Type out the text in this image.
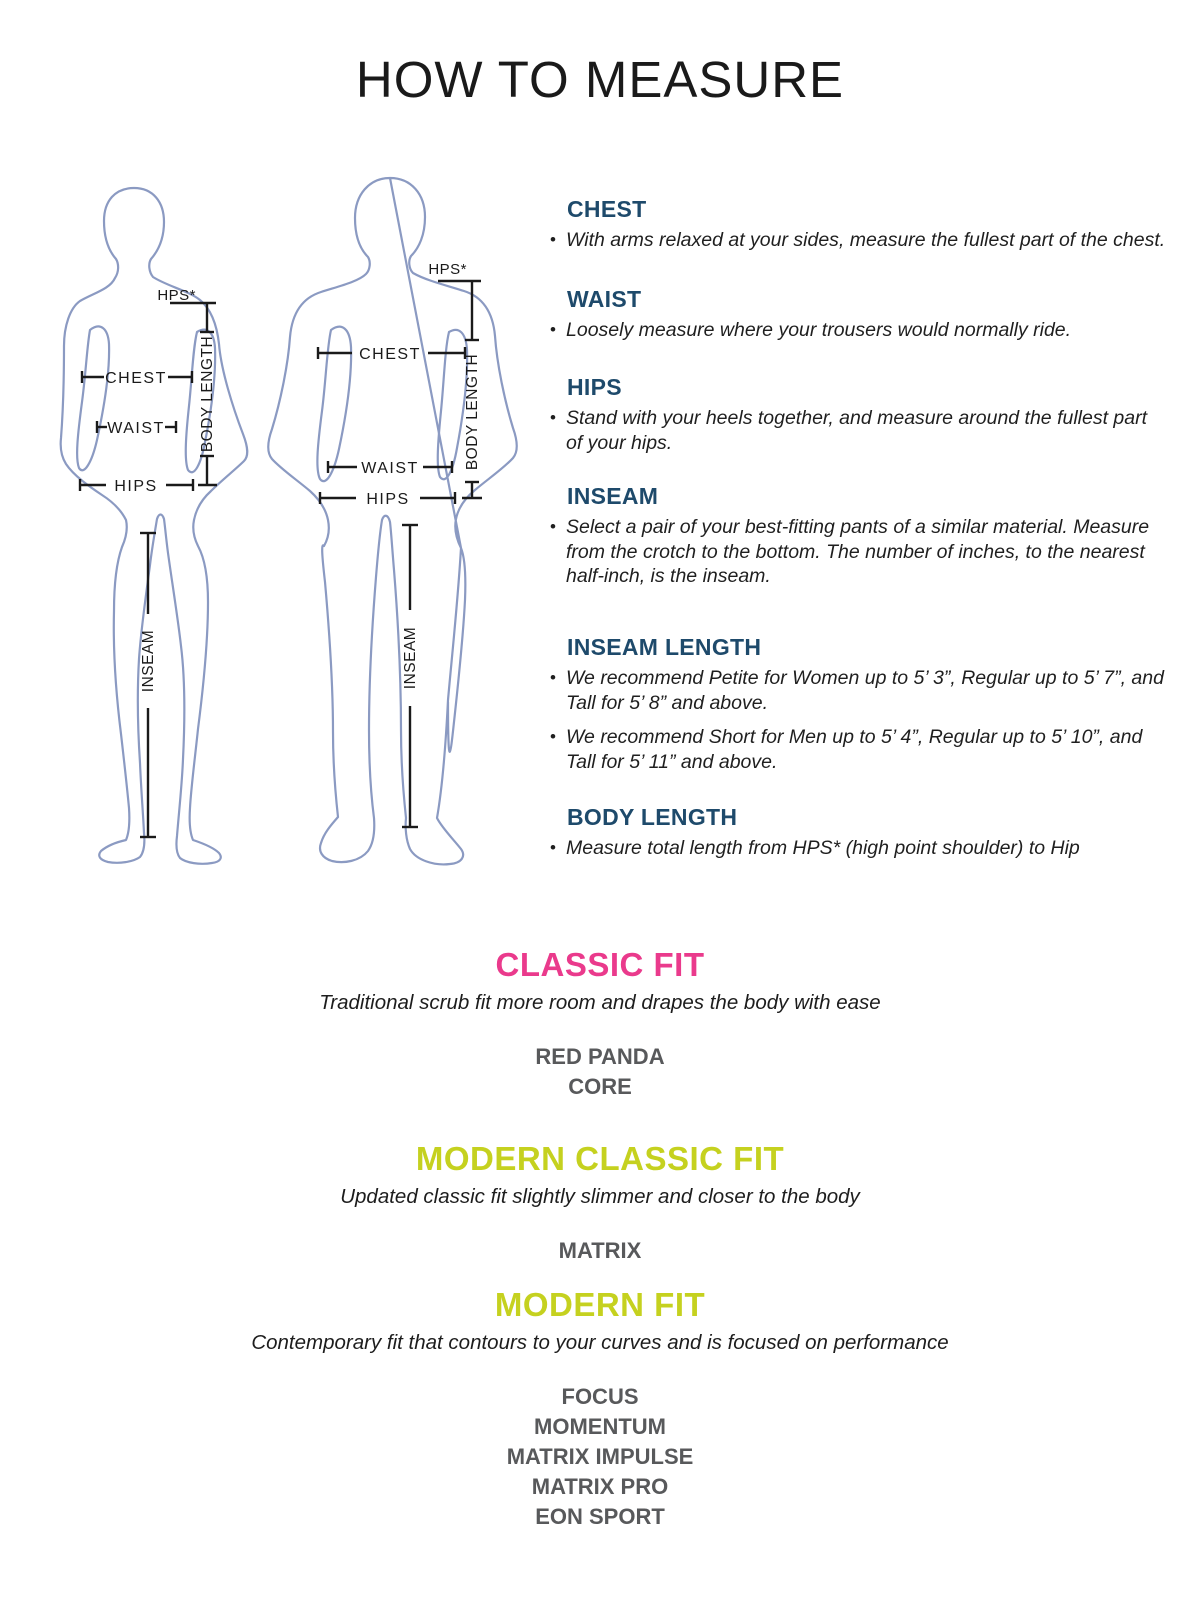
HOW TO MEASURE
HPS*
BODY LENGTH
CHEST
WAIST
HIPS
INSEAM
HPS*
BODY LENGTH
CHEST
WAIST
HIPS
INSEAM
CHEST
• With arms relaxed at your sides, measure the fullest part of the chest.
WAIST
• Loosely measure where your trousers would normally ride.
HIPS
• Stand with your heels together, and measure around the fullest part of your hips.
INSEAM
• Select a pair of your best-fitting pants of a similar material. Measure from the crotch to the bottom. The number of inches, to the nearest half-inch, is the inseam.
INSEAM LENGTH
• We recommend Petite for Women up to 5’ 3”, Regular up to 5’ 7”, and Tall for 5’ 8” and above.
• We recommend Short for Men up to 5’ 4”, Regular up to 5’ 10”, and Tall for 5’ 11” and above.
BODY LENGTH
• Measure total length from HPS* (high point shoulder) to Hip
CLASSIC FIT

Traditional scrub fit more room and drapes the body with ease

RED PANDA
CORE
MODERN CLASSIC FIT

Updated classic fit slightly slimmer and closer to the body

MATRIX
MODERN FIT

Contemporary fit that contours to your curves and is focused on performance

FOCUS
MOMENTUM
MATRIX IMPULSE
MATRIX PRO
EON SPORT
